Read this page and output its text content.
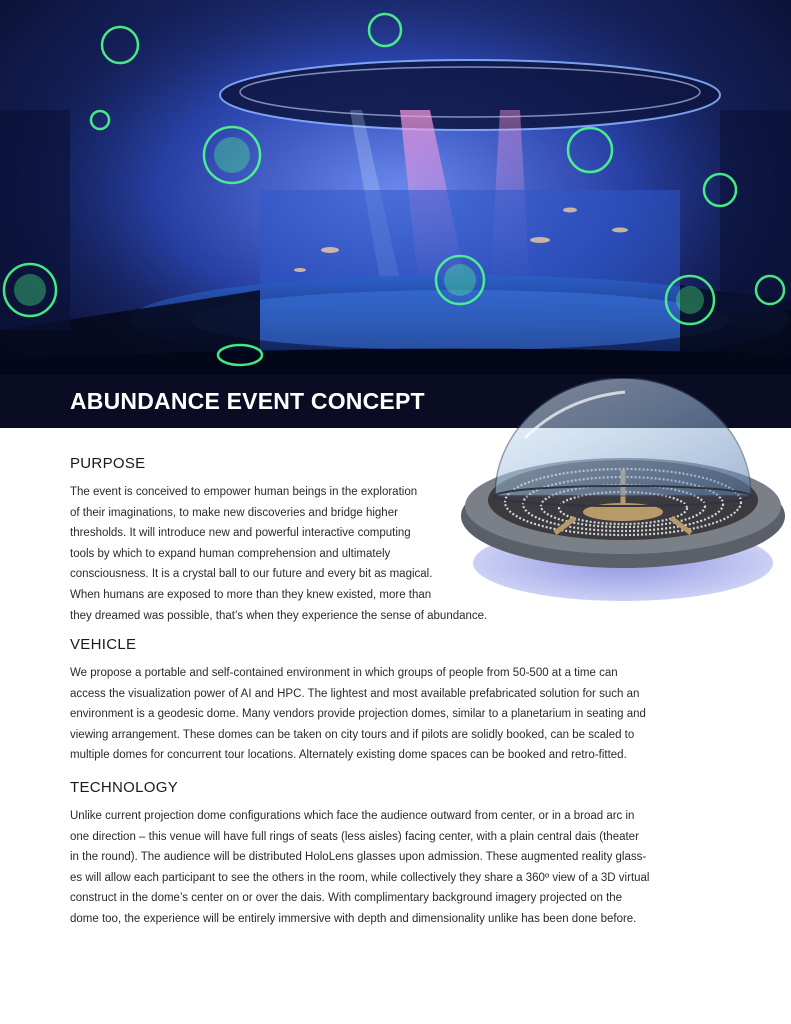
ABUNDANCE EVENT CONCEPT
PURPOSE
The event is conceived to empower human beings in the exploration
of their imaginations, to make new discoveries and bridge higher
thresholds. It will introduce new and powerful interactive computing
tools by which to expand human comprehension and ultimately
consciousness. It is a crystal ball to our future and every bit as magical.
When humans are exposed to more than they knew existed, more than
they dreamed was possible, that’s when they experience the sense of abundance.
VEHICLE
We propose a portable and self-contained environment in which groups of people from 50-500 at a time can
access the visualization power of AI and HPC. The lightest and most available prefabricated solution for such an
environment is a geodesic dome. Many vendors provide projection domes, similar to a planetarium in seating and
viewing arrangement. These domes can be taken on city tours and if pilots are solidly booked, can be scaled to
multiple domes for concurrent tour locations. Alternately existing dome spaces can be booked and retro-fitted.
TECHNOLOGY
Unlike current projection dome configurations which face the audience outward from center, or in a broad arc in
one direction – this venue will have full rings of seats (less aisles) facing center, with a plain central dais (theater
in the round). The audience will be distributed HoloLens glasses upon admission. These augmented reality glass-
es will allow each participant to see the others in the room, while collectively they share a 360º view of a 3D virtual
construct in the dome’s center on or over the dais. With complimentary background imagery projected on the
dome too, the experience will be entirely immersive with depth and dimensionality unlike has been done before.
